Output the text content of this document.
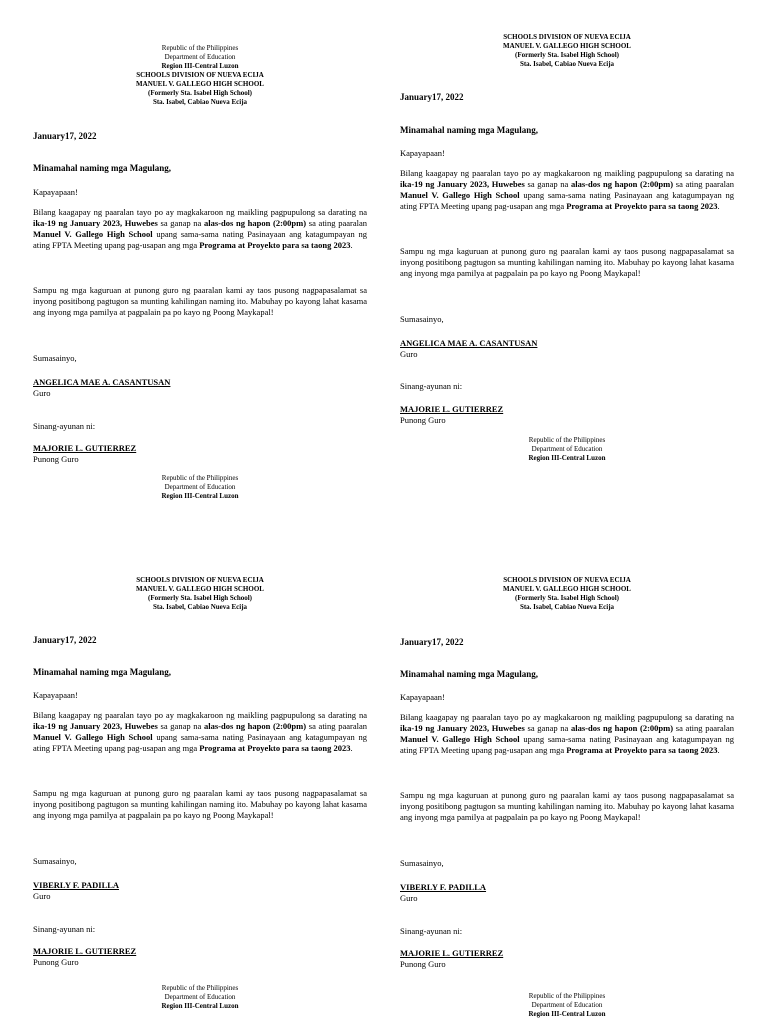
Republic of the Philippines
Department of Education
Region III-Central Luzon
SCHOOLS DIVISION OF NUEVA ECIJA
MANUEL V. GALLEGO HIGH SCHOOL
(Formerly Sta. Isabel High School)
Sta. Isabel, Cabiao Nueva Ecija
January17, 2022
Minamahal naming mga Magulang,
Kapayapaan!
Bilang kaagapay ng paaralan tayo po ay magkakaroon ng maikling pagpupulong sa darating na ika-19 ng January 2023, Huwebes sa ganap na alas-dos ng hapon (2:00pm) sa ating paaralan Manuel V. Gallego High School upang sama-sama nating Pasinayaan ang katagumpayan ng ating FPTA Meeting upang pag-usapan ang mga Programa at Proyekto para sa taong 2023.
Sampu ng mga kaguruan at punong guro ng paaralan kami ay taos pusong nagpapasalamat sa inyong positibong pagtugon sa munting kahilingan naming ito. Mabuhay po kayong lahat kasama ang inyong mga pamilya at pagpalain pa po kayo ng Poong Maykapal!
Sumasainyo,
ANGELICA MAE A. CASANTUSAN
Guro
Sinang-ayunan ni:
MAJORIE L. GUTIERREZ
Punong Guro
Republic of the Philippines
Department of Education
Region III-Central Luzon
SCHOOLS DIVISION OF NUEVA ECIJA
MANUEL V. GALLEGO HIGH SCHOOL
(Formerly Sta. Isabel High School)
Sta. Isabel, Cabiao Nueva Ecija
January17, 2022
Minamahal naming mga Magulang,
Kapayapaan!
Bilang kaagapay ng paaralan tayo po ay magkakaroon ng maikling pagpupulong sa darating na ika-19 ng January 2023, Huwebes sa ganap na alas-dos ng hapon (2:00pm) sa ating paaralan Manuel V. Gallego High School upang sama-sama nating Pasinayaan ang katagumpayan ng ating FPTA Meeting upang pag-usapan ang mga Programa at Proyekto para sa taong 2023.
Sampu ng mga kaguruan at punong guro ng paaralan kami ay taos pusong nagpapasalamat sa inyong positibong pagtugon sa munting kahilingan naming ito. Mabuhay po kayong lahat kasama ang inyong mga pamilya at pagpalain pa po kayo ng Poong Maykapal!
Sumasainyo,
ANGELICA MAE A. CASANTUSAN
Guro
Sinang-ayunan ni:
MAJORIE L. GUTIERREZ
Punong Guro
Republic of the Philippines
Department of Education
Region III-Central Luzon
SCHOOLS DIVISION OF NUEVA ECIJA
MANUEL V. GALLEGO HIGH SCHOOL
(Formerly Sta. Isabel High School)
Sta. Isabel, Cabiao Nueva Ecija
January17, 2022
Minamahal naming mga Magulang,
Kapayapaan!
Bilang kaagapay ng paaralan tayo po ay magkakaroon ng maikling pagpupulong sa darating na ika-19 ng January 2023, Huwebes sa ganap na alas-dos ng hapon (2:00pm) sa ating paaralan Manuel V. Gallego High School upang sama-sama nating Pasinayaan ang katagumpayan ng ating FPTA Meeting upang pag-usapan ang mga Programa at Proyekto para sa taong 2023.
Sampu ng mga kaguruan at punong guro ng paaralan kami ay taos pusong nagpapasalamat sa inyong positibong pagtugon sa munting kahilingan naming ito. Mabuhay po kayong lahat kasama ang inyong mga pamilya at pagpalain pa po kayo ng Poong Maykapal!
Sumasainyo,
VIBERLY F. PADILLA
Guro
Sinang-ayunan ni:
MAJORIE L. GUTIERREZ
Punong Guro
Republic of the Philippines
Department of Education
Region III-Central Luzon
SCHOOLS DIVISION OF NUEVA ECIJA
MANUEL V. GALLEGO HIGH SCHOOL
(Formerly Sta. Isabel High School)
Sta. Isabel, Cabiao Nueva Ecija
January17, 2022
Minamahal naming mga Magulang,
Kapayapaan!
Bilang kaagapay ng paaralan tayo po ay magkakaroon ng maikling pagpupulong sa darating na ika-19 ng January 2023, Huwebes sa ganap na alas-dos ng hapon (2:00pm) sa ating paaralan Manuel V. Gallego High School upang sama-sama nating Pasinayaan ang katagumpayan ng ating FPTA Meeting upang pag-usapan ang mga Programa at Proyekto para sa taong 2023.
Sampu ng mga kaguruan at punong guro ng paaralan kami ay taos pusong nagpapasalamat sa inyong positibong pagtugon sa munting kahilingan naming ito. Mabuhay po kayong lahat kasama ang inyong mga pamilya at pagpalain pa po kayo ng Poong Maykapal!
Sumasainyo,
VIBERLY F. PADILLA
Guro
Sinang-ayunan ni:
MAJORIE L. GUTIERREZ
Punong Guro
Republic of the Philippines
Department of Education
Region III-Central Luzon
